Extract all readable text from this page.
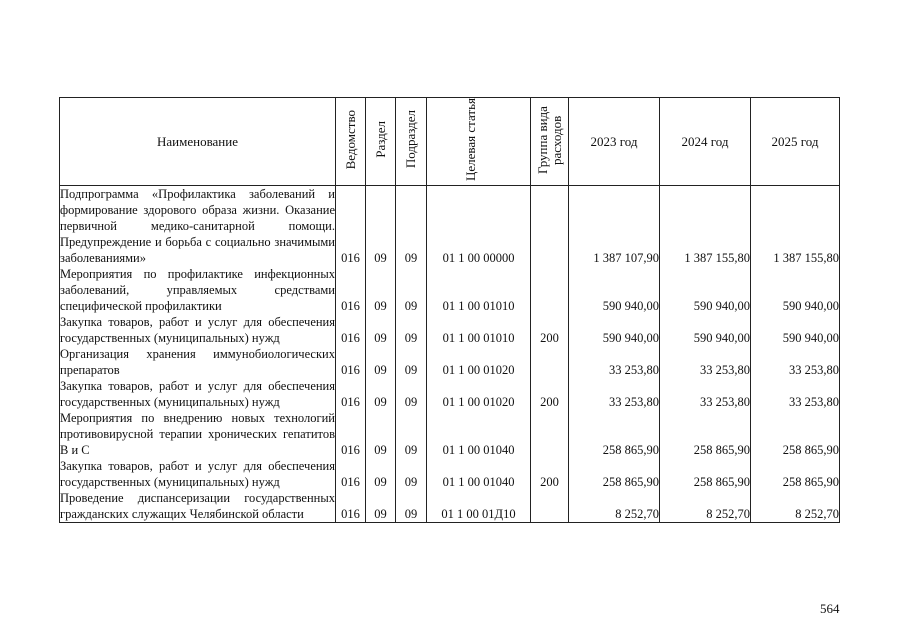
Наименование	Ведомство	Раздел	Подраздел	Целевая статья	Группа вида расходов	2023 год	2024 год	2025 год
Подпрограмма «Профилактика заболеваний и формирование здорового образа жизни. Оказание первичной медико-санитарной помощи. Предупреждение и борьба с социально значимыми заболеваниями»	016	09	09	01 1 00 00000		1 387 107,90	1 387 155,80	1 387 155,80
Мероприятия по профилактике инфекционных заболеваний, управляемых средствами специфической профилактики	016	09	09	01 1 00 01010		590 940,00	590 940,00	590 940,00
Закупка товаров, работ и услуг для обеспечения государственных (муниципальных) нужд	016	09	09	01 1 00 01010	200	590 940,00	590 940,00	590 940,00
Организация хранения иммунобиологических препаратов	016	09	09	01 1 00 01020		33 253,80	33 253,80	33 253,80
Закупка товаров, работ и услуг для обеспечения государственных (муниципальных) нужд	016	09	09	01 1 00 01020	200	33 253,80	33 253,80	33 253,80
Мероприятия по внедрению новых технологий противовирусной терапии хронических гепатитов В и С	016	09	09	01 1 00 01040		258 865,90	258 865,90	258 865,90
Закупка товаров, работ и услуг для обеспечения государственных (муниципальных) нужд	016	09	09	01 1 00 01040	200	258 865,90	258 865,90	258 865,90
Проведение диспансеризации государственных гражданских служащих Челябинской области	016	09	09	01 1 00 01Д10		8 252,70	8 252,70	8 252,70
564
